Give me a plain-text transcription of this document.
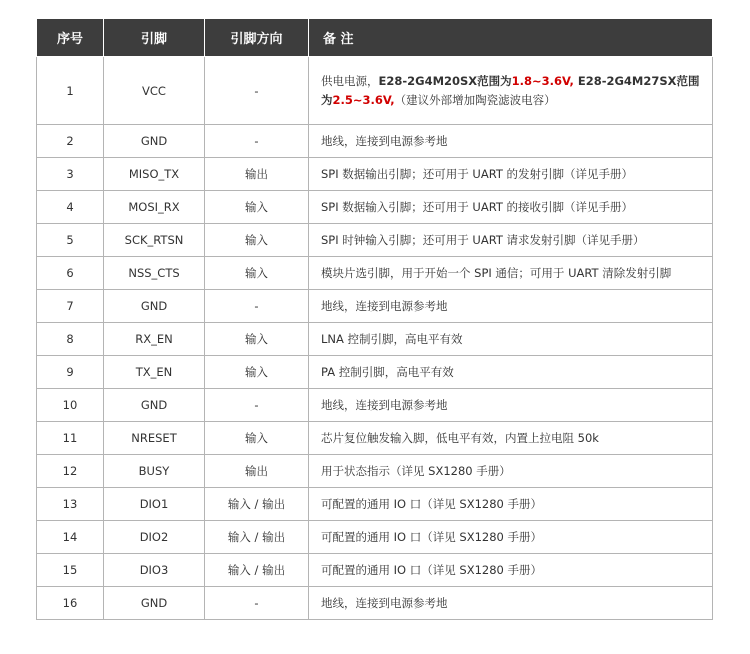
序号	引脚	引脚方向	备 注
1	VCC	-	供电电源，E28-2G4M20SX范围为1.8~3.6V, E28-2G4M27SX范围为2.5~3.6V,（建议外部增加陶瓷滤波电容）
2	GND	-	地线，连接到电源参考地
3	MISO_TX	输出	SPI 数据输出引脚；还可用于 UART 的发射引脚（详见手册）
4	MOSI_RX	输入	SPI 数据输入引脚；还可用于 UART 的接收引脚（详见手册）
5	SCK_RTSN	输入	SPI 时钟输入引脚；还可用于 UART 请求发射引脚（详见手册）
6	NSS_CTS	输入	模块片选引脚，用于开始一个 SPI 通信；可用于 UART 清除发射引脚
7	GND	-	地线，连接到电源参考地
8	RX_EN	输入	LNA 控制引脚，高电平有效
9	TX_EN	输入	PA 控制引脚，高电平有效
10	GND	-	地线，连接到电源参考地
11	NRESET	输入	芯片复位触发输入脚，低电平有效，内置上拉电阻 50k
12	BUSY	输出	用于状态指示（详见 SX1280 手册）
13	DIO1	输入 / 输出	可配置的通用 IO 口（详见 SX1280 手册）
14	DIO2	输入 / 输出	可配置的通用 IO 口（详见 SX1280 手册）
15	DIO3	输入 / 输出	可配置的通用 IO 口（详见 SX1280 手册）
16	GND	-	地线，连接到电源参考地
